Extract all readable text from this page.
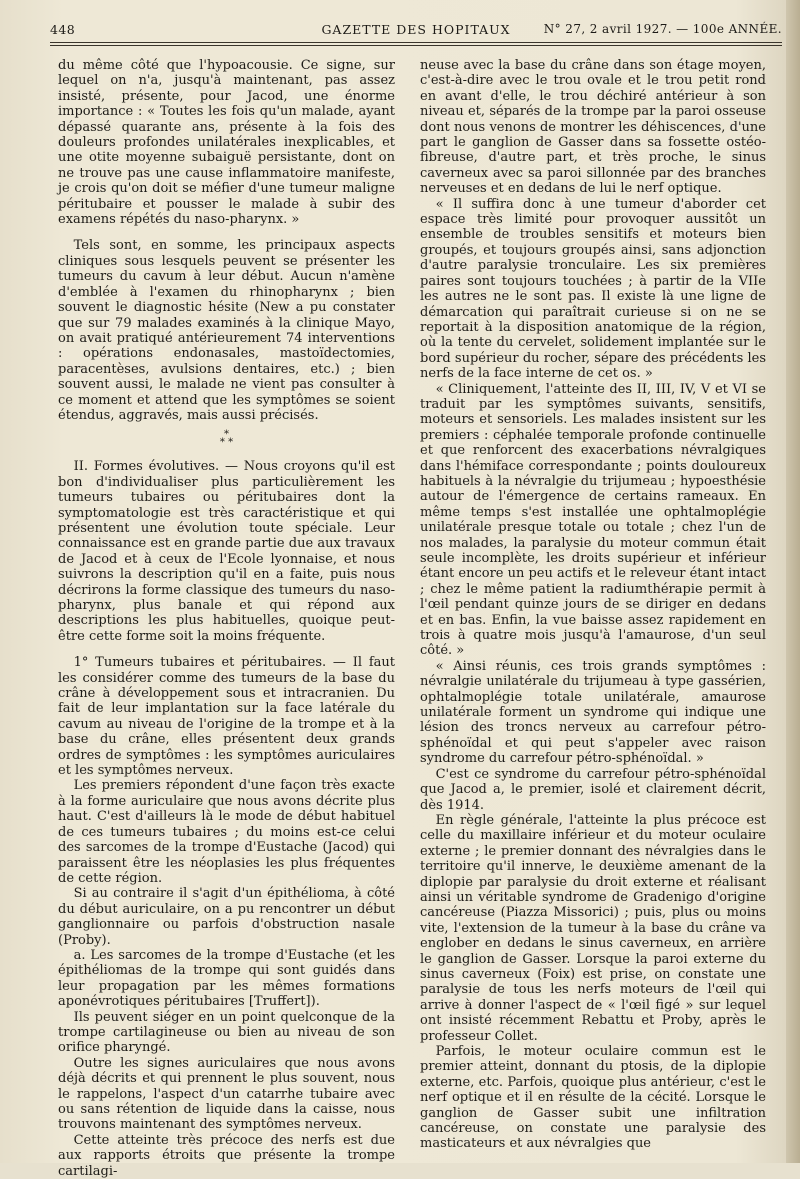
448	GAZETTE DES HOPITAUX	N° 27, 2 avril 1927. — 100e ANNÉE.

du même côté que l'hypoacousie. Ce signe, sur lequel on n'a, jusqu'à maintenant, pas assez insisté, présente, pour Jacod, une énorme importance : « Toutes les fois qu'un malade, ayant dépassé quarante ans, présente à la fois des douleurs profondes unilatérales inexplicables, et une otite moyenne subaiguë persistante, dont on ne trouve pas une cause inflammatoire manifeste, je crois qu'on doit se méfier d'une tumeur maligne péritubaire et pousser le malade à subir des examens répétés du naso-pharynx. »

Tels sont, en somme, les principaux aspects cliniques sous lesquels peuvent se présenter les tumeurs du cavum à leur début. Aucun n'amène d'emblée à l'examen du rhinopharynx ; bien souvent le diagnostic hésite (New a pu constater que sur 79 malades examinés à la clinique Mayo, on avait pratiqué antérieurement 74 interventions : opérations endonasales, mastoïdectomies, paracentèses, avulsions dentaires, etc.) ; bien souvent aussi, le malade ne vient pas consulter à ce moment et attend que les symptômes se soient étendus, aggravés, mais aussi précisés.

*
* *

II. Formes évolutives. — Nous croyons qu'il est bon d'individualiser plus particulièrement les tumeurs tubaires ou péritubaires dont la symptomatologie est très caractéristique et qui présentent une évolution toute spéciale. Leur connaissance est en grande partie due aux travaux de Jacod et à ceux de l'Ecole lyonnaise, et nous suivrons la description qu'il en a faite, puis nous décrirons la forme classique des tumeurs du naso-pharynx, plus banale et qui répond aux descriptions les plus habituelles, quoique peut-être cette forme soit la moins fréquente.

1° Tumeurs tubaires et péritubaires. — Il faut les considérer comme des tumeurs de la base du crâne à développement sous et intracranien. Du fait de leur implantation sur la face latérale du cavum au niveau de l'origine de la trompe et à la base du crâne, elles présentent deux grands ordres de symptômes : les symptômes auriculaires et les symptômes nerveux.

Les premiers répondent d'une façon très exacte à la forme auriculaire que nous avons décrite plus haut. C'est d'ailleurs là le mode de début habituel de ces tumeurs tubaires ; du moins est-ce celui des sarcomes de la trompe d'Eustache (Jacod) qui paraissent être les néoplasies les plus fréquentes de cette région.

Si au contraire il s'agit d'un épithélioma, à côté du début auriculaire, on a pu rencontrer un début ganglionnaire ou parfois d'obstruction nasale (Proby).

a. Les sarcomes de la trompe d'Eustache (et les épithéliomas de la trompe qui sont guidés dans leur propagation par les mêmes formations aponévrotiques péritubaires [Truffert]).

Ils peuvent siéger en un point quelconque de la trompe cartilagineuse ou bien au niveau de son orifice pharyngé.

Outre les signes auriculaires que nous avons déjà décrits et qui prennent le plus souvent, nous le rappelons, l'aspect d'un catarrhe tubaire avec ou sans rétention de liquide dans la caisse, nous trouvons maintenant des symptômes nerveux.

Cette atteinte très précoce des nerfs est due aux rapports étroits que présente la trompe cartilagi-

neuse avec la base du crâne dans son étage moyen, c'est-à-dire avec le trou ovale et le trou petit rond en avant d'elle, le trou déchiré antérieur à son niveau et, séparés de la trompe par la paroi osseuse dont nous venons de montrer les déhiscences, d'une part le ganglion de Gasser dans sa fossette ostéo-fibreuse, d'autre part, et très proche, le sinus caverneux avec sa paroi sillonnée par des branches nerveuses et en dedans de lui le nerf optique.

« Il suffira donc à une tumeur d'aborder cet espace très limité pour provoquer aussitôt un ensemble de troubles sensitifs et moteurs bien groupés, et toujours groupés ainsi, sans adjonction d'autre paralysie tronculaire. Les six premières paires sont toujours touchées ; à partir de la VIIe les autres ne le sont pas. Il existe là une ligne de démarcation qui paraîtrait curieuse si on ne se reportait à la disposition anatomique de la région, où la tente du cervelet, solidement implantée sur le bord supérieur du rocher, sépare des précédents les nerfs de la face interne de cet os. »

« Cliniquement, l'atteinte des II, III, IV, V et VI se traduit par les symptômes suivants, sensitifs, moteurs et sensoriels. Les malades insistent sur les premiers : céphalée temporale profonde continuelle et que renforcent des exacerbations névralgiques dans l'hémiface correspondante ; points douloureux habituels à la névralgie du trijumeau ; hypoesthésie autour de l'émergence de certains rameaux. En même temps s'est installée une ophtalmoplégie unilatérale presque totale ou totale ; chez l'un de nos malades, la paralysie du moteur commun était seule incomplète, les droits supérieur et inférieur étant encore un peu actifs et le releveur étant intact ; chez le même patient la radiumthérapie permit à l'œil pendant quinze jours de se diriger en dedans et en bas. Enfin, la vue baisse assez rapidement en trois à quatre mois jusqu'à l'amaurose, d'un seul côté. »

« Ainsi réunis, ces trois grands symptômes : névralgie unilatérale du trijumeau à type gassérien, ophtalmoplégie totale unilatérale, amaurose unilatérale forment un syndrome qui indique une lésion des troncs nerveux au carrefour pétro-sphénoïdal et qui peut s'appeler avec raison syndrome du carrefour pétro-sphénoïdal. »

C'est ce syndrome du carrefour pétro-sphénoïdal que Jacod a, le premier, isolé et clairement décrit, dès 1914.

En règle générale, l'atteinte la plus précoce est celle du maxillaire inférieur et du moteur oculaire externe ; le premier donnant des névralgies dans le territoire qu'il innerve, le deuxième amenant de la diplopie par paralysie du droit externe et réalisant ainsi un véritable syndrome de Gradenigo d'origine cancéreuse (Piazza Missorici) ; puis, plus ou moins vite, l'extension de la tumeur à la base du crâne va englober en dedans le sinus caverneux, en arrière le ganglion de Gasser. Lorsque la paroi externe du sinus caverneux (Foix) est prise, on constate une paralysie de tous les nerfs moteurs de l'œil qui arrive à donner l'aspect de « l'œil figé » sur lequel ont insisté récemment Rebattu et Proby, après le professeur Collet.

Parfois, le moteur oculaire commun est le premier atteint, donnant du ptosis, de la diplopie externe, etc. Parfois, quoique plus antérieur, c'est le nerf optique et il en résulte de la cécité. Lorsque le ganglion de Gasser subit une infiltration cancéreuse, on constate une paralysie des masticateurs et aux névralgies que
